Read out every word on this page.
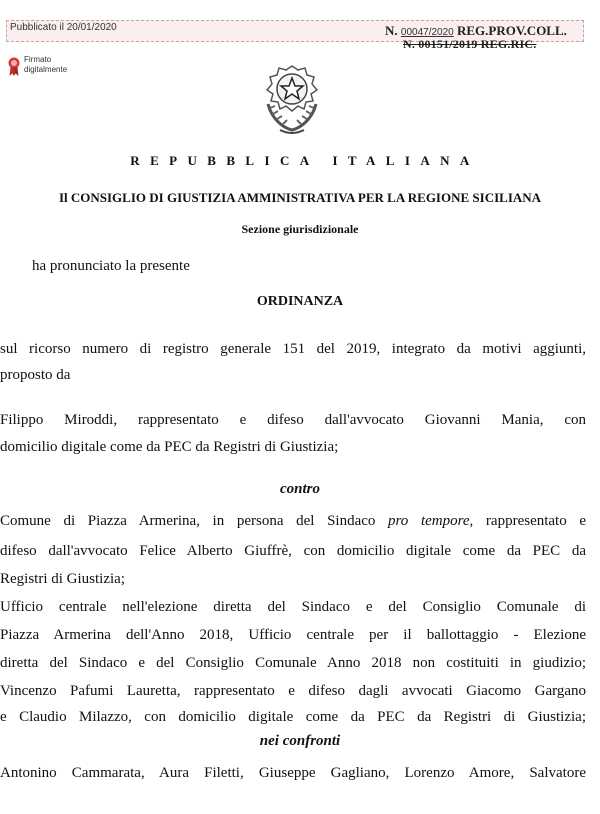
Pubblicato il 20/01/2020	N. 00047/2020 REG.PROV.COLL.
N. 00151/2019 REG.RIC.
Firmato
digitalmente
REPUBBLICA ITALIANA
Il CONSIGLIO DI GIUSTIZIA AMMINISTRATIVA PER LA REGIONE SICILIANA
Sezione giurisdizionale
ha pronunciato la presente
ORDINANZA
sul ricorso numero di registro generale 151 del 2019, integrato da motivi aggiunti,
proposto da
Filippo Miroddi, rappresentato e difeso dall'avvocato Giovanni Mania, con
domicilio digitale come da PEC da Registri di Giustizia;
contro
Comune di Piazza Armerina, in persona del Sindaco pro tempore, rappresentato e
difeso dall'avvocato Felice Alberto Giuffrè, con domicilio digitale come da PEC da
Registri di Giustizia;
Ufficio centrale nell'elezione diretta del Sindaco e del Consiglio Comunale di
Piazza Armerina dell'Anno 2018, Ufficio centrale per il ballottaggio - Elezione
diretta del Sindaco e del Consiglio Comunale Anno 2018 non costituiti in giudizio;
Vincenzo Pafumi Lauretta, rappresentato e difeso dagli avvocati Giacomo Gargano
e Claudio Milazzo, con domicilio digitale come da PEC da Registri di Giustizia;
nei confronti
Antonino Cammarata, Aura Filetti, Giuseppe Gagliano, Lorenzo Amore, Salvatore
